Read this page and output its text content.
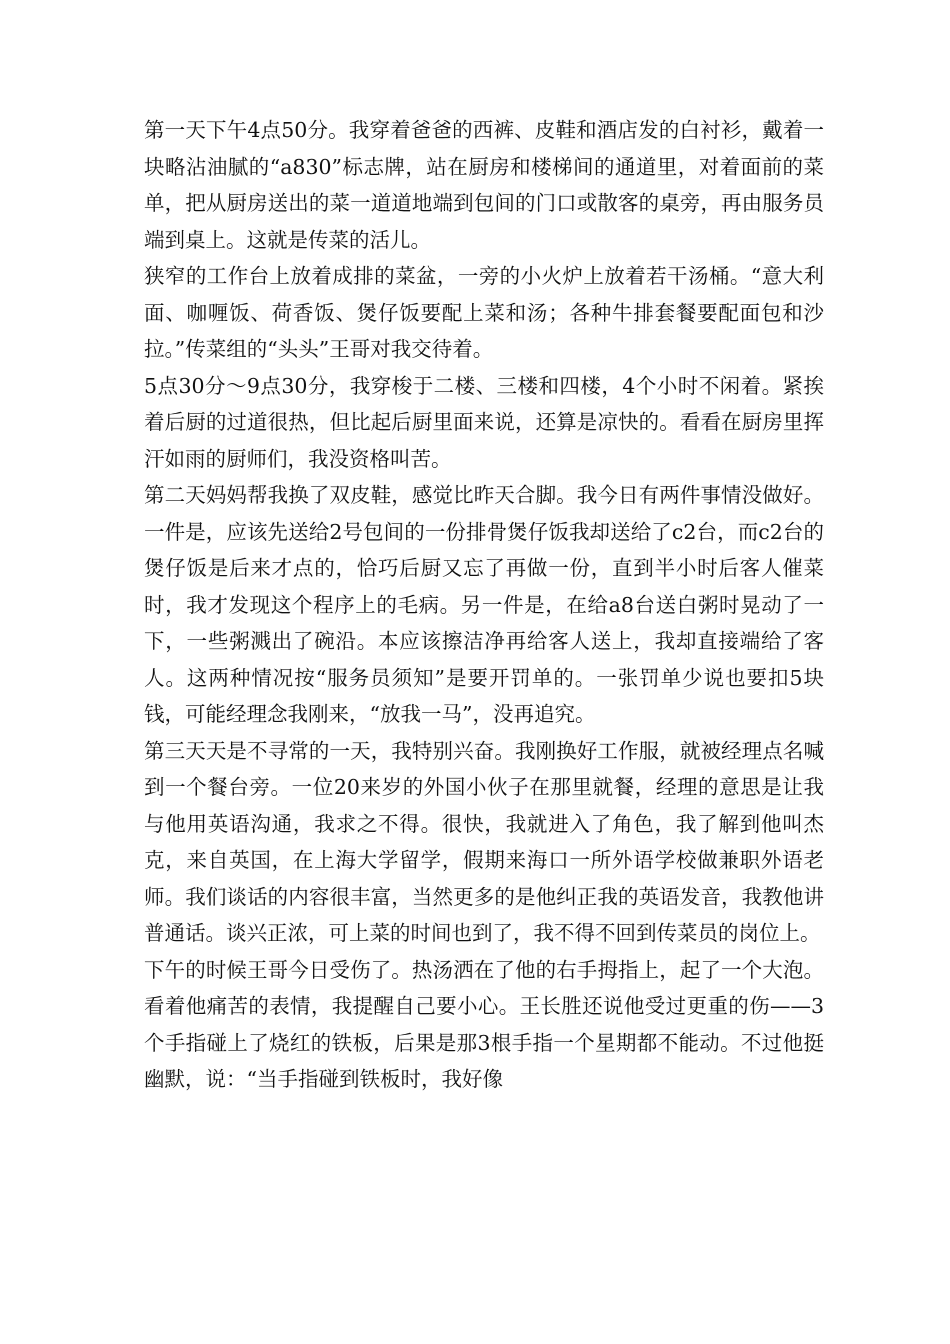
第一天下午4点50分。我穿着爸爸的西裤、皮鞋和酒店发的白衬衫，戴着一块略沾油腻的“a830”标志牌，站在厨房和楼梯间的通道里，对着面前的菜单，把从厨房送出的菜一道道地端到包间的门口或散客的桌旁，再由服务员端到桌上。这就是传菜的活儿。

狭窄的工作台上放着成排的菜盆，一旁的小火炉上放着若干汤桶。“意大利面、咖喱饭、荷香饭、煲仔饭要配上菜和汤；各种牛排套餐要配面包和沙拉。”传菜组的“头头”王哥对我交待着。

5点30分～9点30分，我穿梭于二楼、三楼和四楼，4个小时不闲着。紧挨着后厨的过道很热，但比起后厨里面来说，还算是凉快的。看看在厨房里挥汗如雨的厨师们，我没资格叫苦。

第二天妈妈帮我换了双皮鞋，感觉比昨天合脚。我今日有两件事情没做好。一件是，应该先送给2号包间的一份排骨煲仔饭我却送给了c2台，而c2台的煲仔饭是后来才点的，恰巧后厨又忘了再做一份，直到半小时后客人催菜时，我才发现这个程序上的毛病。另一件是，在给a8台送白粥时晃动了一下，一些粥溅出了碗沿。本应该擦洁净再给客人送上，我却直接端给了客人。这两种情况按“服务员须知”是要开罚单的。一张罚单少说也要扣5块钱，可能经理念我刚来，“放我一马”，没再追究。

第三天天是不寻常的一天，我特别兴奋。我刚换好工作服，就被经理点名喊到一个餐台旁。一位20来岁的外国小伙子在那里就餐，经理的意思是让我与他用英语沟通，我求之不得。很快，我就进入了角色，我了解到他叫杰克，来自英国，在上海大学留学，假期来海口一所外语学校做兼职外语老师。我们谈话的内容很丰富，当然更多的是他纠正我的英语发音，我教他讲普通话。谈兴正浓，可上菜的时间也到了，我不得不回到传菜员的岗位上。

下午的时候王哥今日受伤了。热汤洒在了他的右手拇指上，起了一个大泡。看着他痛苦的表情，我提醒自己要小心。王长胜还说他受过更重的伤——3个手指碰上了烧红的铁板，后果是那3根手指一个星期都不能动。不过他挺幽默，说：“当手指碰到铁板时，我好像
